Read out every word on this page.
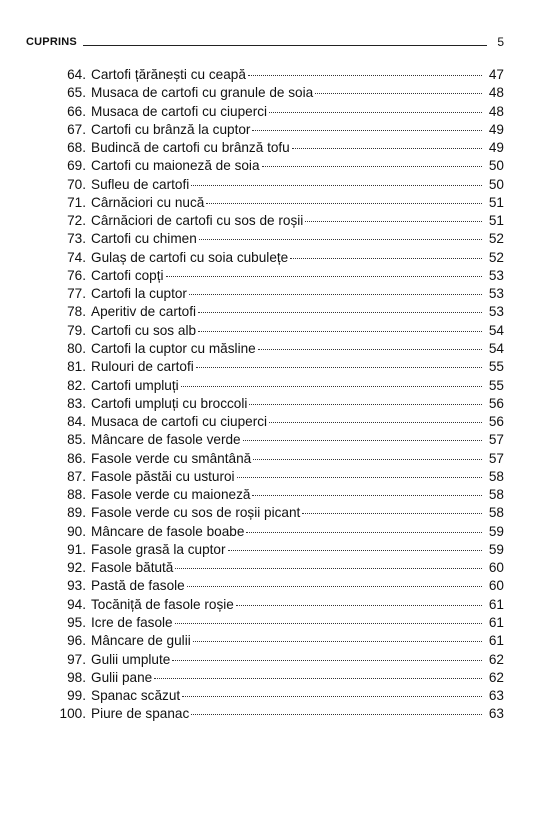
CUPRINS	5
64. Cartofi țărănești cu ceapă	47
65. Musaca de cartofi cu granule de soia	48
66. Musaca de cartofi cu ciuperci	48
67. Cartofi cu brânză la cuptor	49
68. Budincă de cartofi cu brânză tofu	49
69. Cartofi cu maioneză de soia	50
70. Sufleu de cartofi	50
71. Cârnăciori cu nucă	51
72. Cârnăciori de cartofi cu sos de roșii	51
73. Cartofi cu chimen	52
74. Gulaș de cartofi cu soia cubulețe	52
76. Cartofi copți	53
77. Cartofi la cuptor	53
78. Aperitiv de cartofi	53
79. Cartofi cu sos alb	54
80. Cartofi la cuptor cu măsline	54
81. Rulouri de cartofi	55
82. Cartofi umpluți	55
83. Cartofi umpluți cu broccoli	56
84. Musaca de cartofi cu ciuperci	56
85. Mâncare de fasole verde	57
86. Fasole verde cu smântână	57
87. Fasole păstăi cu usturoi	58
88. Fasole verde cu maioneză	58
89. Fasole verde cu sos de roșii picant	58
90. Mâncare de fasole boabe	59
91. Fasole grasă la cuptor	59
92. Fasole bătută	60
93. Pastă de fasole	60
94. Tocăniță de fasole roșie	61
95. Icre de fasole	61
96. Mâncare de gulii	61
97. Gulii umplute	62
98. Gulii pane	62
99. Spanac scăzut	63
100. Piure de spanac	63
